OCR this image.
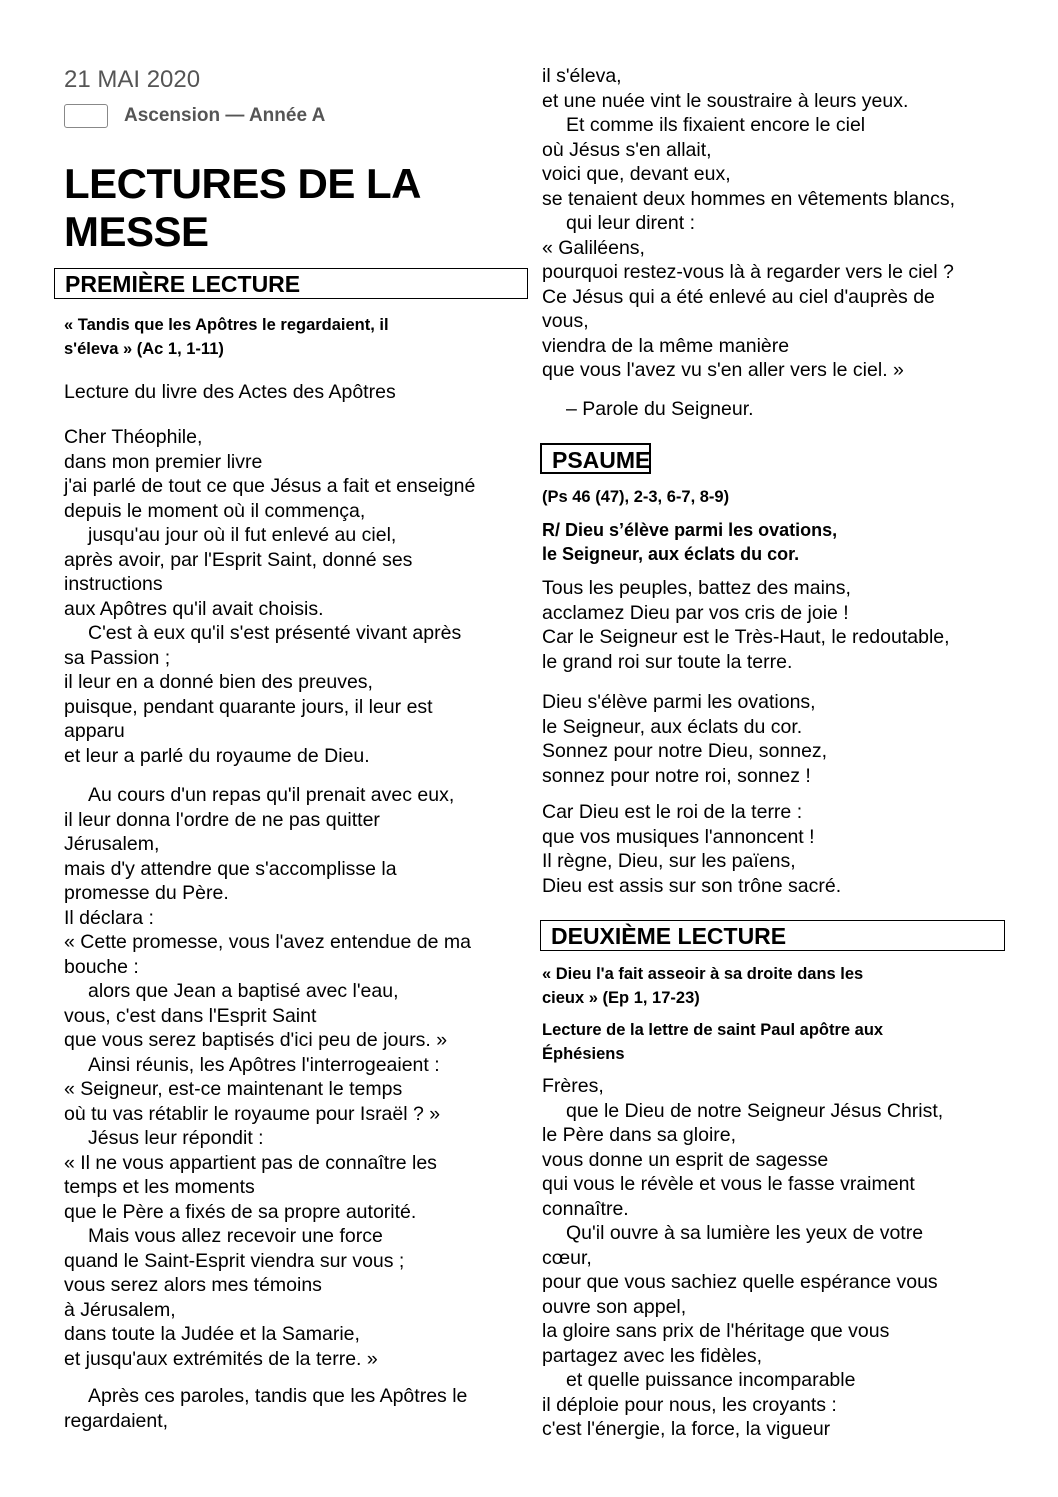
21 MAI 2020
Ascension — Année A
LECTURES DE LA
MESSE
PREMIÈRE LECTURE
« Tandis que les Apôtres le regardaient, il
s'éleva » (Ac 1, 1-11)
Lecture du livre des Actes des Apôtres
Cher Théophile,
dans mon premier livre
j'ai parlé de tout ce que Jésus a fait et enseigné
depuis le moment où il commença,
jusqu'au jour où il fut enlevé au ciel,
après avoir, par l'Esprit Saint, donné ses
instructions
aux Apôtres qu'il avait choisis.
C'est à eux qu'il s'est présenté vivant après
sa Passion ;
il leur en a donné bien des preuves,
puisque, pendant quarante jours, il leur est
apparu
et leur a parlé du royaume de Dieu.
Au cours d'un repas qu'il prenait avec eux,
il leur donna l'ordre de ne pas quitter
Jérusalem,
mais d'y attendre que s'accomplisse la
promesse du Père.
Il déclara :
« Cette promesse, vous l'avez entendue de ma
bouche :
alors que Jean a baptisé avec l'eau,
vous, c'est dans l'Esprit Saint
que vous serez baptisés d'ici peu de jours. »
Ainsi réunis, les Apôtres l'interrogeaient :
« Seigneur, est-ce maintenant le temps
où tu vas rétablir le royaume pour Israël ? »
Jésus leur répondit :
« Il ne vous appartient pas de connaître les
temps et les moments
que le Père a fixés de sa propre autorité.
Mais vous allez recevoir une force
quand le Saint-Esprit viendra sur vous ;
vous serez alors mes témoins
à Jérusalem,
dans toute la Judée et la Samarie,
et jusqu'aux extrémités de la terre. »
Après ces paroles, tandis que les Apôtres le
regardaient,
il s'éleva,
et une nuée vint le soustraire à leurs yeux.
Et comme ils fixaient encore le ciel
où Jésus s'en allait,
voici que, devant eux,
se tenaient deux hommes en vêtements blancs,
qui leur dirent :
« Galiléens,
pourquoi restez-vous là à regarder vers le ciel ?
Ce Jésus qui a été enlevé au ciel d'auprès de
vous,
viendra de la même manière
que vous l'avez vu s'en aller vers le ciel. »
– Parole du Seigneur.
PSAUME
(Ps 46 (47), 2-3, 6-7, 8-9)
R/ Dieu s’élève parmi les ovations,
le Seigneur, aux éclats du cor.
Tous les peuples, battez des mains,
acclamez Dieu par vos cris de joie !
Car le Seigneur est le Très-Haut, le redoutable,
le grand roi sur toute la terre.
Dieu s'élève parmi les ovations,
le Seigneur, aux éclats du cor.
Sonnez pour notre Dieu, sonnez,
sonnez pour notre roi, sonnez !
Car Dieu est le roi de la terre :
que vos musiques l'annoncent !
Il règne, Dieu, sur les païens,
Dieu est assis sur son trône sacré.
DEUXIÈME LECTURE
« Dieu l'a fait asseoir à sa droite dans les
cieux » (Ep 1, 17-23)
Lecture de la lettre de saint Paul apôtre aux
Éphésiens
Frères,
que le Dieu de notre Seigneur Jésus Christ,
le Père dans sa gloire,
vous donne un esprit de sagesse
qui vous le révèle et vous le fasse vraiment
connaître.
Qu'il ouvre à sa lumière les yeux de votre
cœur,
pour que vous sachiez quelle espérance vous
ouvre son appel,
la gloire sans prix de l'héritage que vous
partagez avec les fidèles,
et quelle puissance incomparable
il déploie pour nous, les croyants :
c'est l'énergie, la force, la vigueur
